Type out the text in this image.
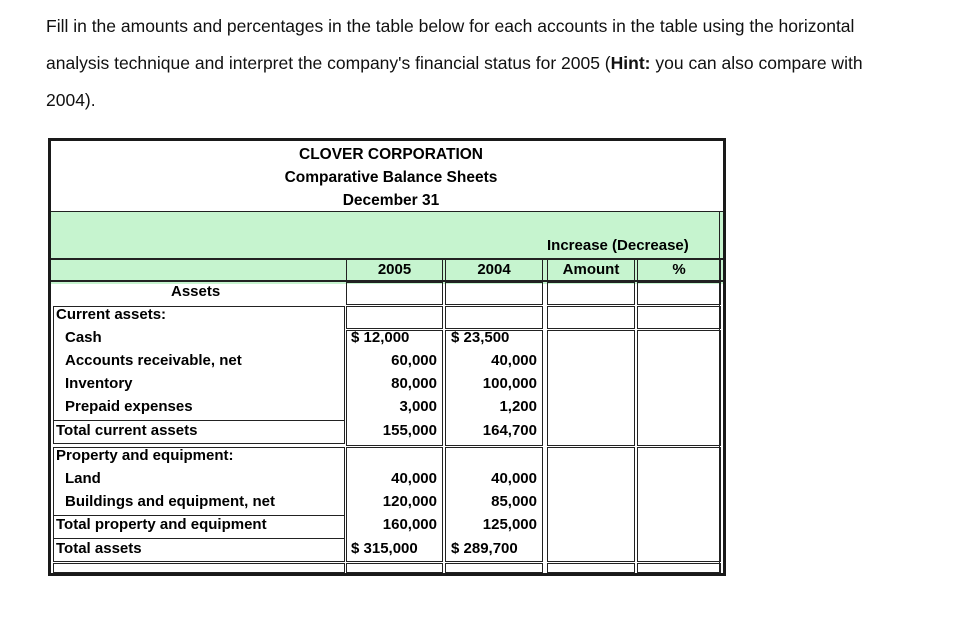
Fill in the amounts and percentages in the table below for each accounts in the table using the horizontal
analysis technique and interpret the company's financial status for 2005 (Hint: you can also compare with
2004).
CLOVER CORPORATION
Comparative Balance Sheets
December 31
Increase (Decrease)
2005	2004	Amount	%
Assets
Current assets:
Cash	$ 12,000	$ 23,500
Accounts receivable, net	60,000	40,000
Inventory	80,000	100,000
Prepaid expenses	3,000	1,200
Total current assets	155,000	164,700
Property and equipment:
Land	40,000	40,000
Buildings and equipment, net	120,000	85,000
Total property and equipment	160,000	125,000
Total assets	$ 315,000	$ 289,700
